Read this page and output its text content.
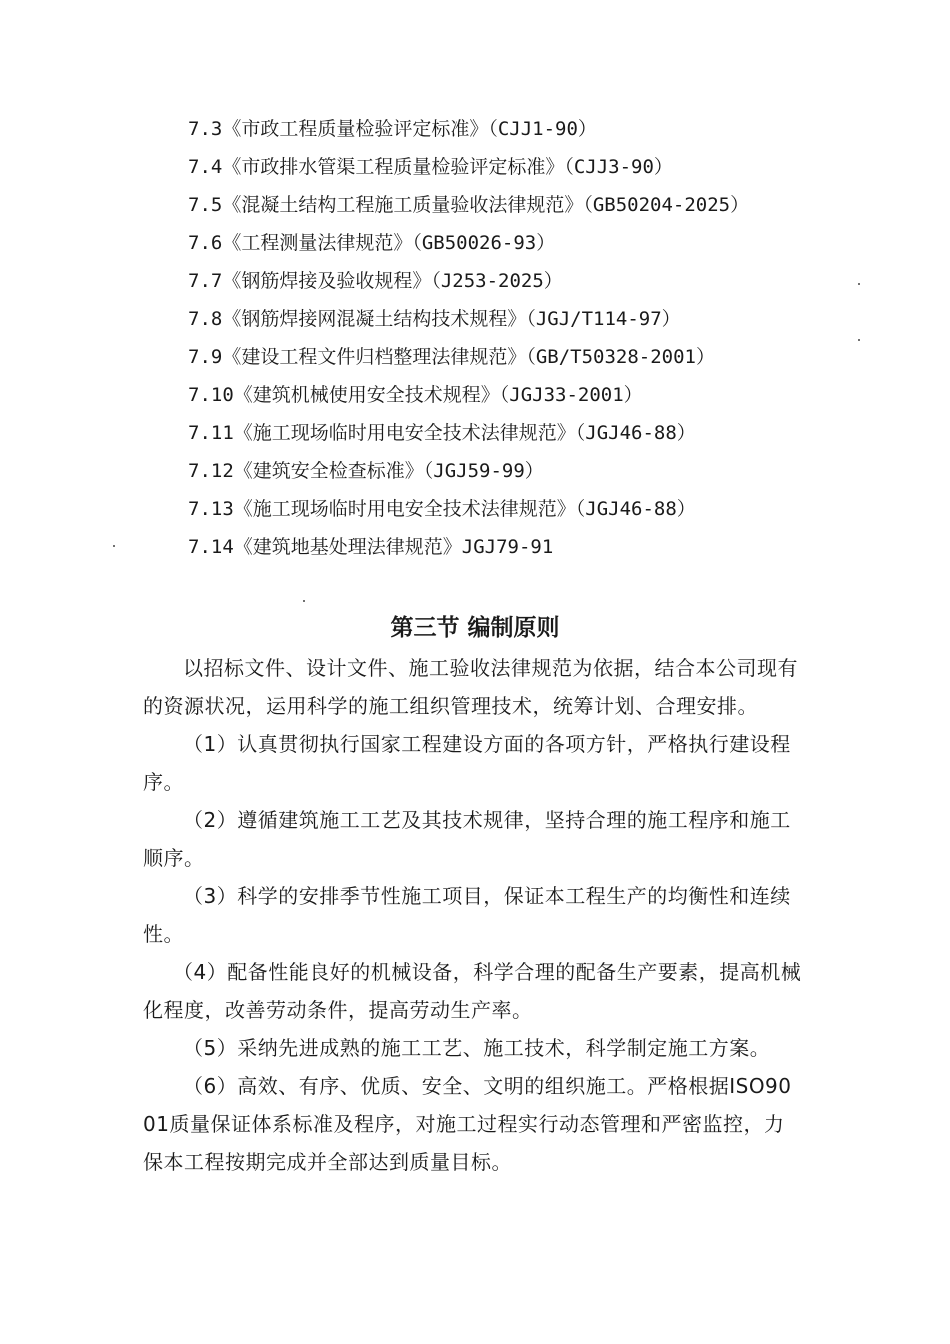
7.3《市政工程质量检验评定标准》（CJJ1-90）
7.4《市政排水管渠工程质量检验评定标准》（CJJ3-90）
7.5《混凝土结构工程施工质量验收法律规范》（GB50204-2025）
7.6《工程测量法律规范》（GB50026-93）
7.7《钢筋焊接及验收规程》（J253-2025）
7.8《钢筋焊接网混凝土结构技术规程》（JGJ/T114-97）
7.9《建设工程文件归档整理法律规范》（GB/T50328-2001）
7.10《建筑机械使用安全技术规程》（JGJ33-2001）
7.11《施工现场临时用电安全技术法律规范》（JGJ46-88）
7.12《建筑安全检查标准》（JGJ59-99）
7.13《施工现场临时用电安全技术法律规范》（JGJ46-88）
7.14《建筑地基处理法律规范》JGJ79-91
第三节 编制原则

以招标文件、设计文件、施工验收法律规范为依据，结合本公司现有的资源状况，运用科学的施工组织管理技术，统筹计划、合理安排。

（1）认真贯彻执行国家工程建设方面的各项方针，严格执行建设程序。

（2）遵循建筑施工工艺及其技术规律，坚持合理的施工程序和施工顺序。

（3）科学的安排季节性施工项目，保证本工程生产的均衡性和连续性。

（4）配备性能良好的机械设备，科学合理的配备生产要素，提高机械化程度，改善劳动条件，提高劳动生产率。

（5）采纳先进成熟的施工工艺、施工技术，科学制定施工方案。

（6）高效、有序、优质、安全、文明的组织施工。严格根据ISO9001质量保证体系标准及程序，对施工过程实行动态管理和严密监控，力保本工程按期完成并全部达到质量目标。
